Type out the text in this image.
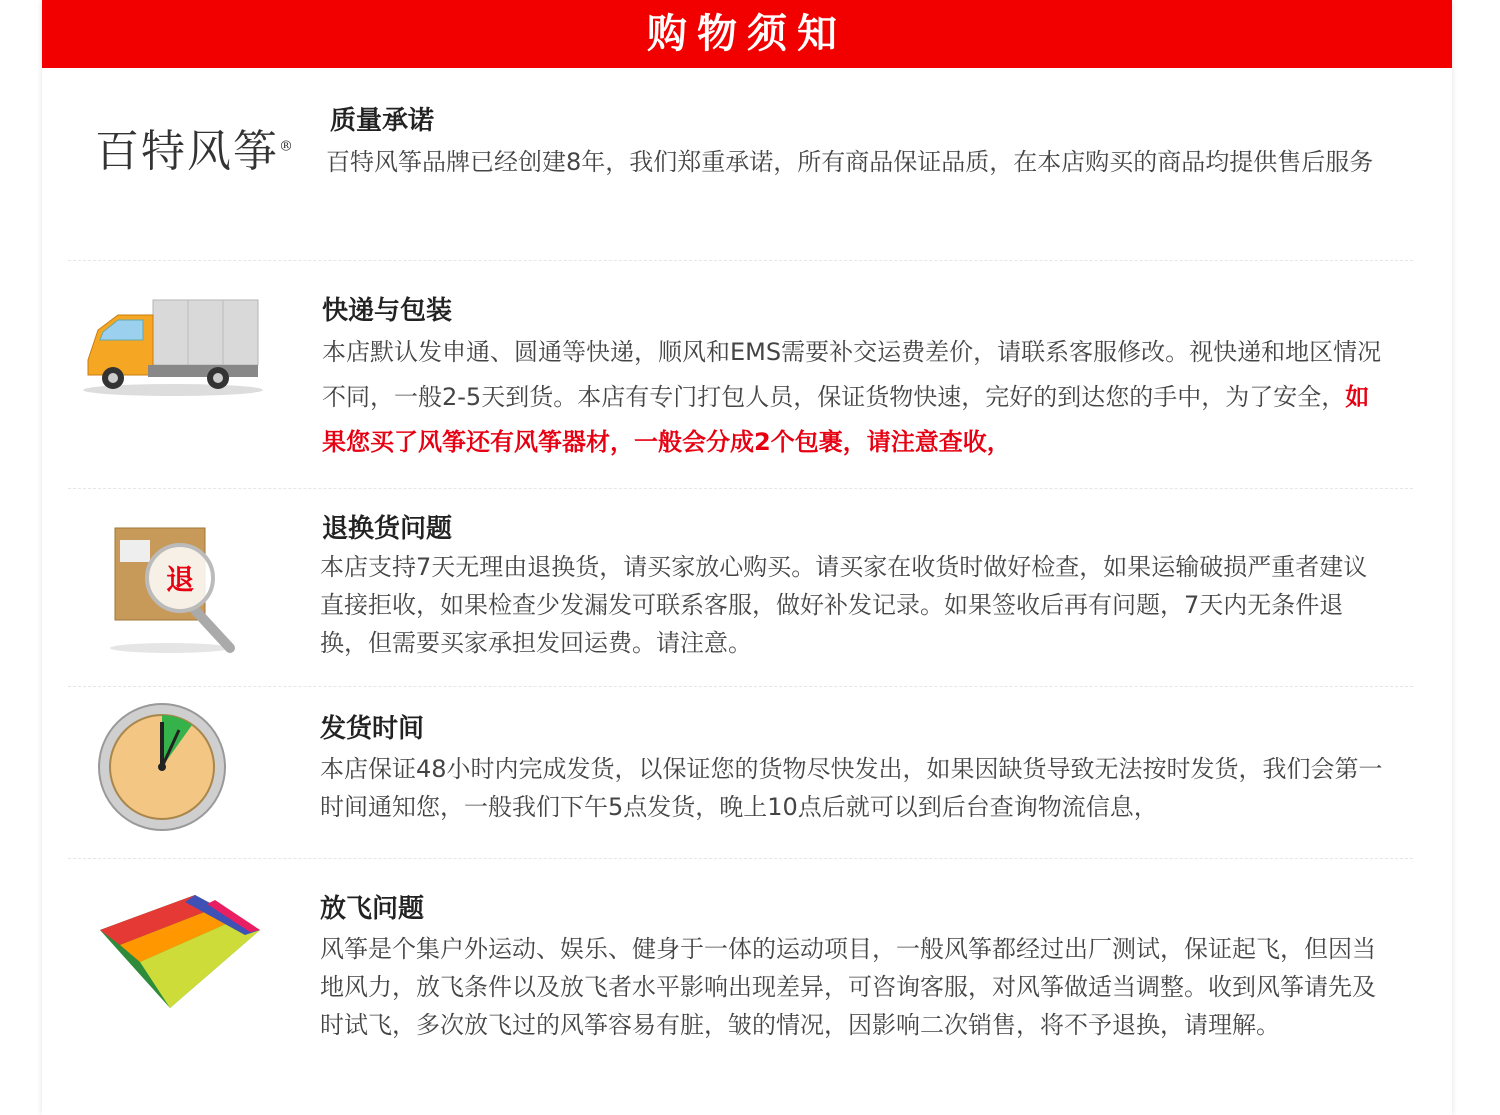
购物须知
百特风筝®
质量承诺
百特风筝品牌已经创建8年，我们郑重承诺，所有商品保证品质，在本店购买的商品均提供售后服务
快递与包装
本店默认发申通、圆通等快递，顺风和EMS需要补交运费差价，请联系客服修改。视快递和地区情况不同，一般2-5天到货。本店有专门打包人员，保证货物快速，完好的到达您的手中，为了安全，如果您买了风筝还有风筝器材，一般会分成2个包裹，请注意查收，
退
退换货问题
本店支持7天无理由退换货，请买家放心购买。请买家在收货时做好检查，如果运输破损严重者建议直接拒收，如果检查少发漏发可联系客服，做好补发记录。如果签收后再有问题，7天内无条件退换，但需要买家承担发回运费。请注意。
发货时间
本店保证48小时内完成发货，以保证您的货物尽快发出，如果因缺货导致无法按时发货，我们会第一时间通知您，一般我们下午5点发货，晚上10点后就可以到后台查询物流信息，
放飞问题
风筝是个集户外运动、娱乐、健身于一体的运动项目，一般风筝都经过出厂测试，保证起飞，但因当地风力，放飞条件以及放飞者水平影响出现差异，可咨询客服，对风筝做适当调整。收到风筝请先及时试飞，多次放飞过的风筝容易有脏，皱的情况，因影响二次销售，将不予退换，请理解。
